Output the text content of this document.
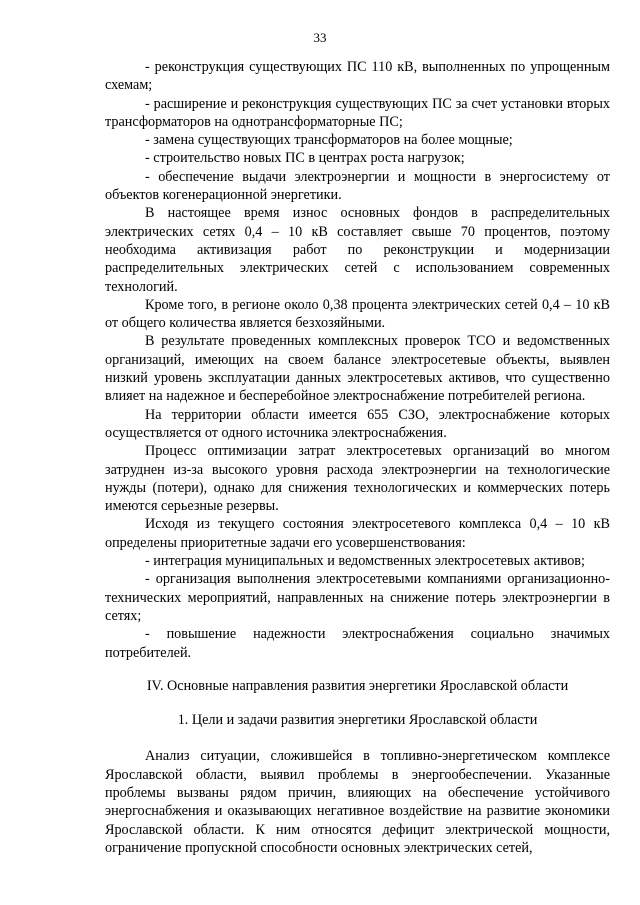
33

- реконструкция существующих ПС 110 кВ, выполненных по упрощенным схемам;

- расширение и реконструкция существующих ПС за счет установки вторых трансформаторов на однотрансформаторные ПС;

- замена существующих трансформаторов на более мощные;

- строительство новых ПС в центрах роста нагрузок;

- обеспечение выдачи электроэнергии и мощности в энергосистему от объектов когенерационной энергетики.

В настоящее время износ основных фондов в распределительных электрических сетях 0,4 – 10 кВ составляет свыше 70 процентов, поэтому необходима активизация работ по реконструкции и модернизации распределительных электрических сетей с использованием современных технологий.

Кроме того, в регионе около 0,38 процента электрических сетей 0,4 – 10 кВ от общего количества является безхозяйными.

В результате проведенных комплексных проверок ТСО и ведомственных организаций, имеющих на своем балансе электросетевые объекты, выявлен низкий уровень эксплуатации данных электросетевых активов, что существенно влияет на надежное и бесперебойное электроснабжение потребителей региона.

На территории области имеется 655 СЗО, электроснабжение которых осуществляется от одного источника электроснабжения.

Процесс оптимизации затрат электросетевых организаций во многом затруднен из-за высокого уровня расхода электроэнергии на технологические нужды (потери), однако для снижения технологических и коммерческих потерь имеются серьезные резервы.

Исходя из текущего состояния электросетевого комплекса 0,4 – 10 кВ определены приоритетные задачи его усовершенствования:

- интеграция муниципальных и ведомственных электросетевых активов;

- организация выполнения электросетевыми компаниями организационно-технических мероприятий, направленных на снижение потерь электроэнергии в сетях;

- повышение надежности электроснабжения социально значимых потребителей.

IV. Основные направления развития энергетики Ярославской области
1. Цели и задачи развития энергетики Ярославской области

Анализ ситуации, сложившейся в топливно-энергетическом комплексе Ярославской области, выявил проблемы в энергообеспечении. Указанные проблемы вызваны рядом причин, влияющих на обеспечение устойчивого энергоснабжения и оказывающих негативное воздействие на развитие экономики Ярославской области. К ним относятся дефицит электрической мощности, ограничение пропускной способности основных электрических сетей,
